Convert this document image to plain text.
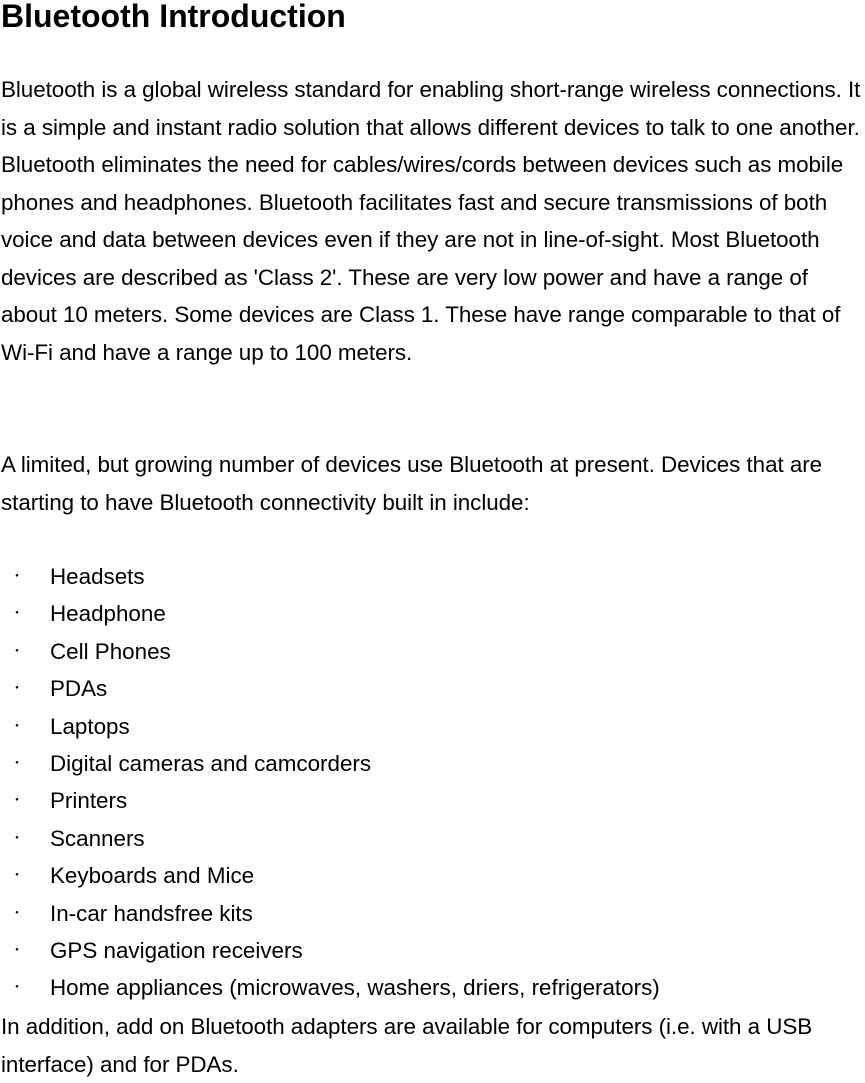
Bluetooth Introduction

Bluetooth is a global wireless standard for enabling short-range wireless connections. It is a simple and instant radio solution that allows different devices to talk to one another. Bluetooth eliminates the need for cables/wires/cords between devices such as mobile phones and headphones. Bluetooth facilitates fast and secure transmissions of both voice and data between devices even if they are not in line-of-sight. Most Bluetooth devices are described as 'Class 2'. These are very low power and have a range of about 10 meters. Some devices are Class 1. These have range comparable to that of Wi-Fi and have a range up to 100 meters.

A limited, but growing number of devices use Bluetooth at present. Devices that are starting to have Bluetooth connectivity built in include:

・ Headsets
・ Headphone
・ Cell Phones
・ PDAs
・ Laptops
・ Digital cameras and camcorders
・ Printers
・ Scanners
・ Keyboards and Mice
・ In-car handsfree kits
・ GPS navigation receivers
・ Home appliances (microwaves, washers, driers, refrigerators)

In addition, add on Bluetooth adapters are available for computers (i.e. with a USB interface) and for PDAs.
